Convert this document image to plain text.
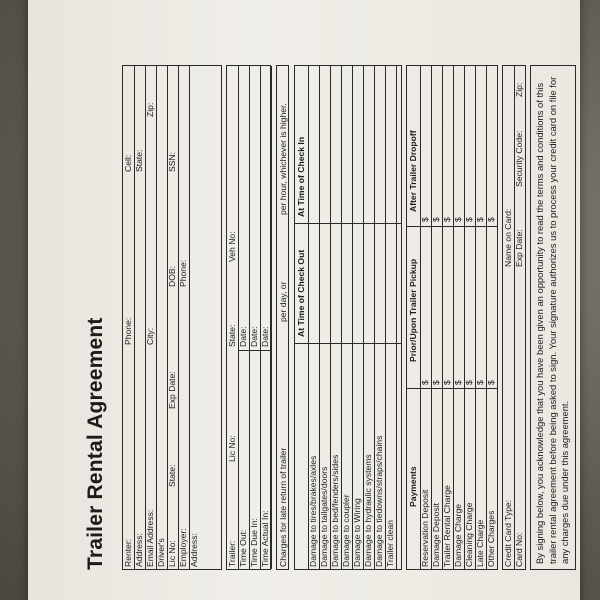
Trailer Rental Agreement Renter:
Phone:
Cell:
Address:
State:
Email Address:
City:
Zip:
Driver's Lic No:
State:
Exp Date:
DOB:
SSN:
Employer:
Phone:
Address:	Trailer:
Lic No:
State:
Veh No:
Time Out:
Date:
Time Due In:
Date:
Time Actual In:
Date:
Charges for late return of trailer
per day, or
per hour, whichever is higher.
At Time of Check Out
At Time of Check In
Damage to tires/brakes/axles Damage to tailgates/doors Damage to bed/fenders/sides Damage to coupler Damage to Wiring Damage to hydraulic systems Damage to tiedowns/straps/chains Trailer clean
Payments
Prior/Upon Trailer Pickup
After Trailer Dropoff
Reservation Deposit
$
$
Damage Deposit
$
$
Trailer Rental Charge
$
$
Damage Charge
$
$
Cleaning Charge
$
$
Late Charge
$
$
Other Charges
$
$
Credit Card Type:
Name on Card:
Card No:
Exp Date:
Security Code:
Zip:	By signing below, you acknowledge that you have been given an opportunity to read the terms and conditions of this trailer rental agreement before being asked to sign. Your signature authorizes us to process your credit card on file for any charges due under this agreement.
